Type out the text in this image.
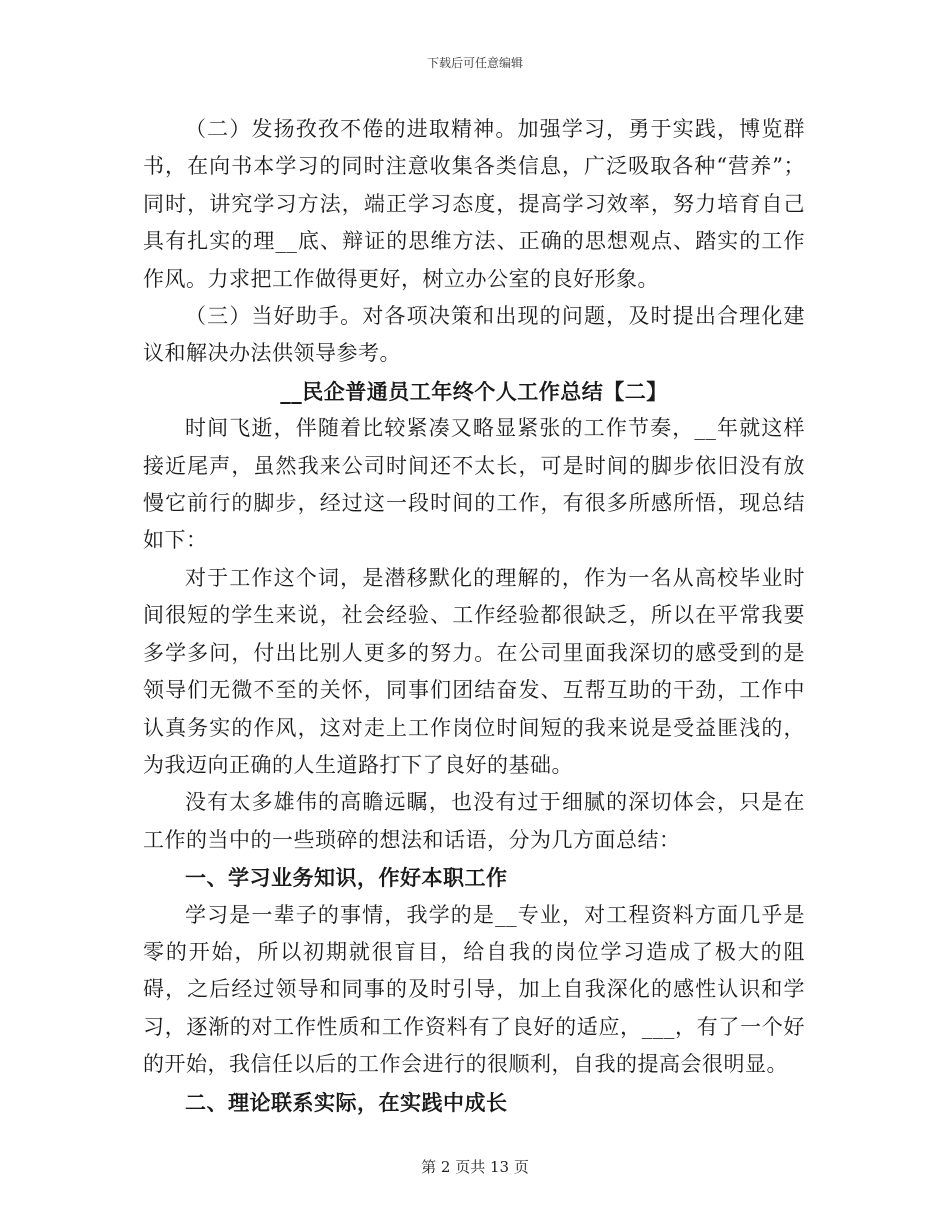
下载后可任意编辑

（二）发扬孜孜不倦的进取精神。加强学习，勇于实践，博览群书，在向书本学习的同时注意收集各类信息，广泛吸取各种“营养”；同时，讲究学习方法，端正学习态度，提高学习效率，努力培育自己具有扎实的理__底、辩证的思维方法、正确的思想观点、踏实的工作作风。力求把工作做得更好，树立办公室的良好形象。

（三）当好助手。对各项决策和出现的问题，及时提出合理化建议和解决办法供领导参考。

__民企普通员工年终个人工作总结【二】

时间飞逝，伴随着比较紧凑又略显紧张的工作节奏，__年就这样接近尾声，虽然我来公司时间还不太长，可是时间的脚步依旧没有放慢它前行的脚步，经过这一段时间的工作，有很多所感所悟，现总结如下：

对于工作这个词，是潜移默化的理解的，作为一名从高校毕业时间很短的学生来说，社会经验、工作经验都很缺乏，所以在平常我要多学多问，付出比别人更多的努力。在公司里面我深切的感受到的是领导们无微不至的关怀，同事们团结奋发、互帮互助的干劲，工作中认真务实的作风，这对走上工作岗位时间短的我来说是受益匪浅的，为我迈向正确的人生道路打下了良好的基础。

没有太多雄伟的高瞻远瞩，也没有过于细腻的深切体会，只是在工作的当中的一些琐碎的想法和话语，分为几方面总结：

一、学习业务知识，作好本职工作

学习是一辈子的事情，我学的是__专业，对工程资料方面几乎是零的开始，所以初期就很盲目，给自我的岗位学习造成了极大的阻碍，之后经过领导和同事的及时引导，加上自我深化的感性认识和学习，逐渐的对工作性质和工作资料有了良好的适应，___，有了一个好的开始，我信任以后的工作会进行的很顺利，自我的提高会很明显。

二、理论联系实际，在实践中成长

第 2 页共 13 页
